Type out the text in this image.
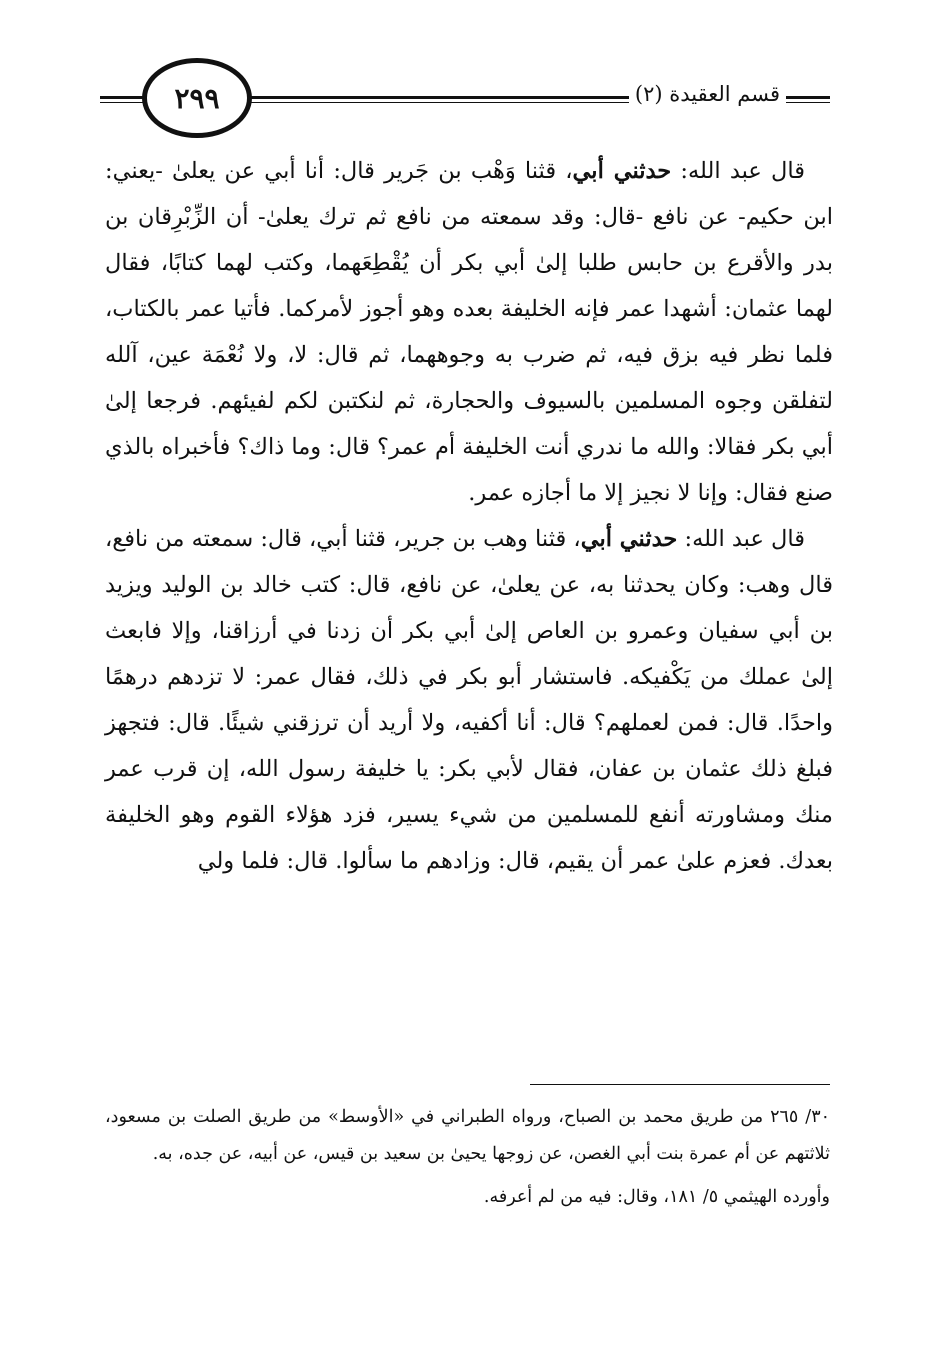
٢٩٩	قسم العقيدة (٢)

قال عبد الله: حدثني أبي، قثنا وَهْب بن جَرير قال: أنا أبي عن يعلىٰ -يعني: ابن حكيم- عن نافع -قال: وقد سمعته من نافع ثم ترك يعلىٰ- أن الزِّبْرِقان بن بدر والأقرع بن حابس طلبا إلىٰ أبي بكر أن يُقْطِعَهما، وكتب لهما كتابًا، فقال لهما عثمان: أشهدا عمر فإنه الخليفة بعده وهو أجوز لأمركما. فأتيا عمر بالكتاب، فلما نظر فيه بزق فيه، ثم ضرب به وجوههما، ثم قال: لا، ولا نُعْمَة عين، آلله لتفلقن وجوه المسلمين بالسيوف والحجارة، ثم لنكتبن لكم لفيئهم. فرجعا إلىٰ أبي بكر فقالا: والله ما ندري أنت الخليفة أم عمر؟ قال: وما ذاك؟ فأخبراه بالذي صنع فقال: وإنا لا نجيز إلا ما أجازه عمر.

قال عبد الله: حدثني أبي، قثنا وهب بن جرير، قثنا أبي، قال: سمعته من نافع، قال وهب: وكان يحدثنا به، عن يعلىٰ، عن نافع، قال: كتب خالد بن الوليد ويزيد بن أبي سفيان وعمرو بن العاص إلىٰ أبي بكر أن زدنا في أرزاقنا، وإلا فابعث إلىٰ عملك من يَكْفيكه. فاستشار أبو بكر في ذلك، فقال عمر: لا تزدهم درهمًا واحدًا. قال: فمن لعملهم؟ قال: أنا أكفيه، ولا أريد أن ترزقني شيئًا. قال: فتجهز فبلغ ذلك عثمان بن عفان، فقال لأبي بكر: يا خليفة رسول الله، إن قرب عمر منك ومشاورته أنفع للمسلمين من شيء يسير، فزد هؤلاء القوم وهو الخليفة بعدك. فعزم علىٰ عمر أن يقيم، قال: وزادهم ما سألوا. قال: فلما ولي

٣٠/ ٢٦٥ من طريق محمد بن الصباح، ورواه الطبراني في «الأوسط» من طريق الصلت بن مسعود، ثلاثتهم عن أم عمرة بنت أبي الغصن، عن زوجها يحيىٰ بن سعيد بن قيس، عن أبيه، عن جده، به.

وأورده الهيثمي ٥/ ١٨١، وقال: فيه من لم أعرفه.
